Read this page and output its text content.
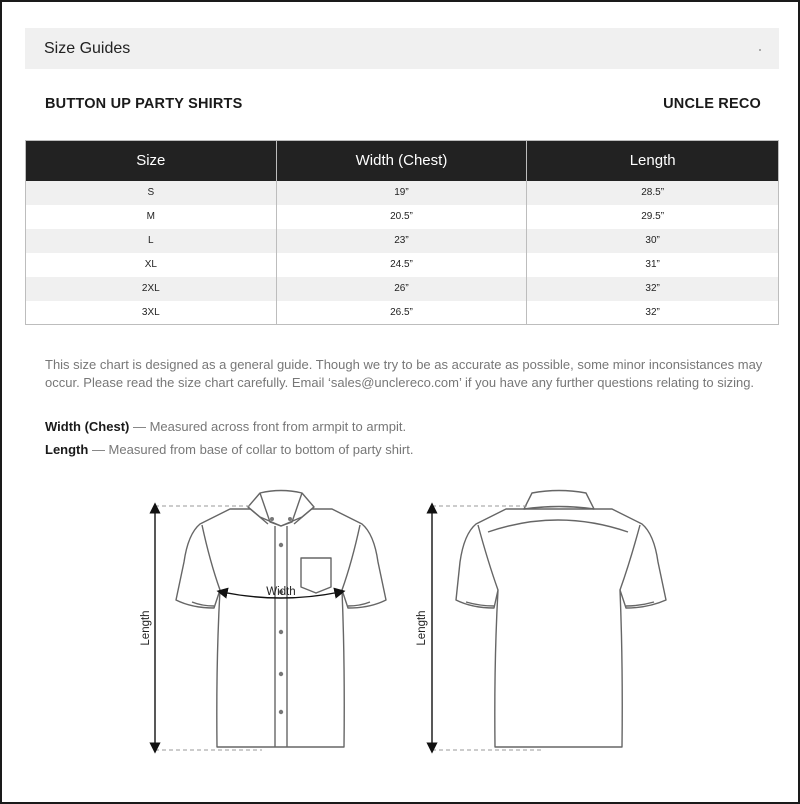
Size Guides
BUTTON UP PARTY SHIRTS	UNCLE RECO
Size	Width (Chest)	Length
S	19”	28.5”
M	20.5”	29.5”
L	23”	30”
XL	24.5”	31”
2XL	26”	32”
3XL	26.5”	32”

This size chart is designed as a general guide. Though we try to be as accurate as possible, some minor inconsistances may occur. Please read the size chart carefully. Email ‘sales@unclereco.com’ if you have any further questions relating to sizing.

Width (Chest) — Measured across front from armpit to armpit.
Length — Measured from base of collar to bottom of party shirt.
Width
Length	Length
